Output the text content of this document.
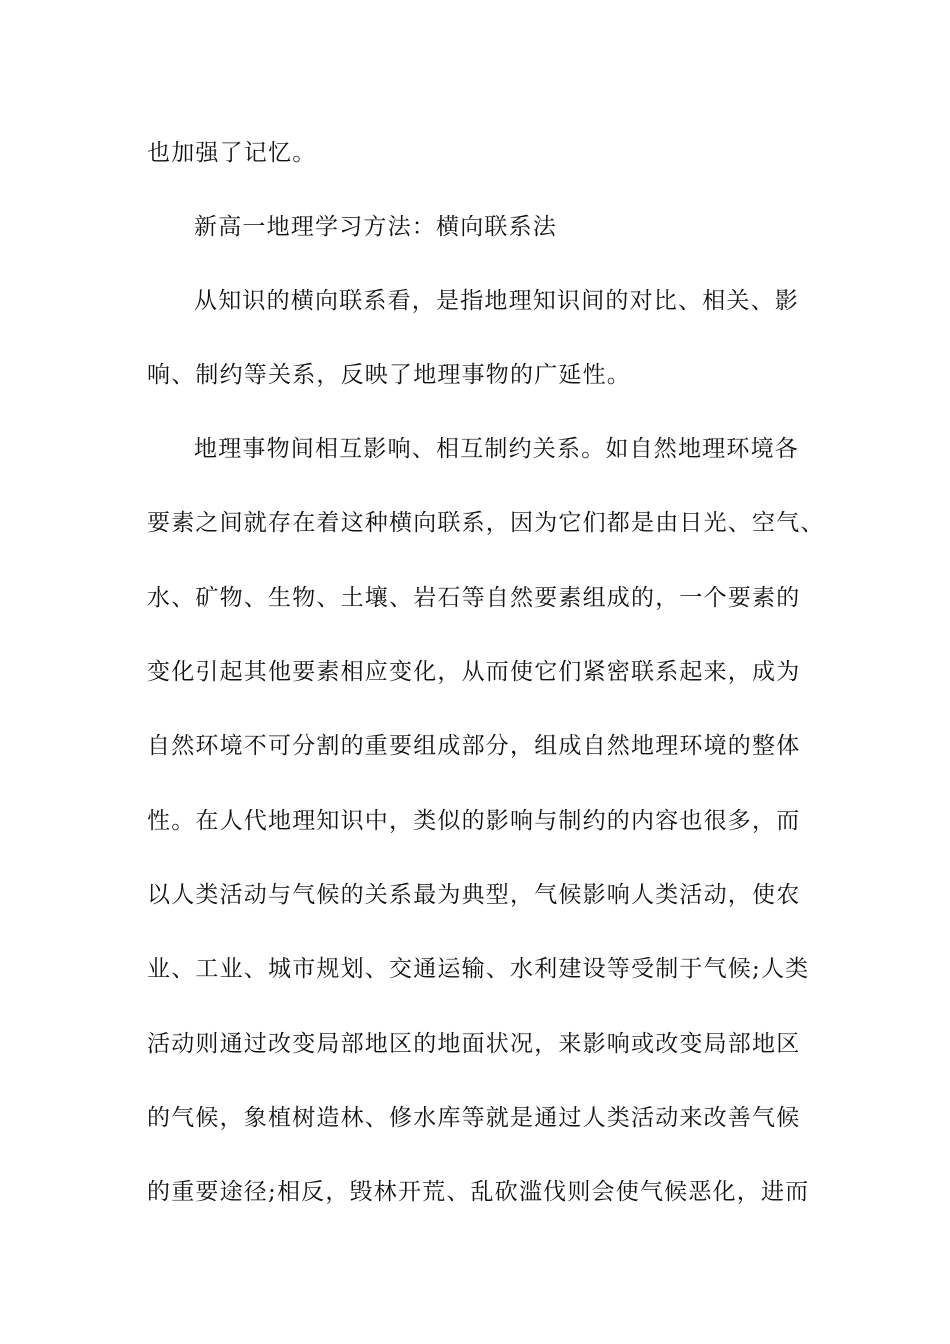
也加强了记忆。
新高一地理学习方法：横向联系法
从知识的横向联系看，是指地理知识间的对比、相关、影
响、制约等关系，反映了地理事物的广延性。
地理事物间相互影响、相互制约关系。如自然地理环境各
要素之间就存在着这种横向联系，因为它们都是由日光、空气、
水、矿物、生物、土壤、岩石等自然要素组成的，一个要素的
变化引起其他要素相应变化，从而使它们紧密联系起来，成为
自然环境不可分割的重要组成部分，组成自然地理环境的整体
性。在人代地理知识中，类似的影响与制约的内容也很多，而
以人类活动与气候的关系最为典型，气候影响人类活动，使农
业、工业、城市规划、交通运输、水利建设等受制于气候;人类
活动则通过改变局部地区的地面状况，来影响或改变局部地区
的气候，象植树造林、修水库等就是通过人类活动来改善气候
的重要途径;相反，毁林开荒、乱砍滥伐则会使气候恶化，进而
